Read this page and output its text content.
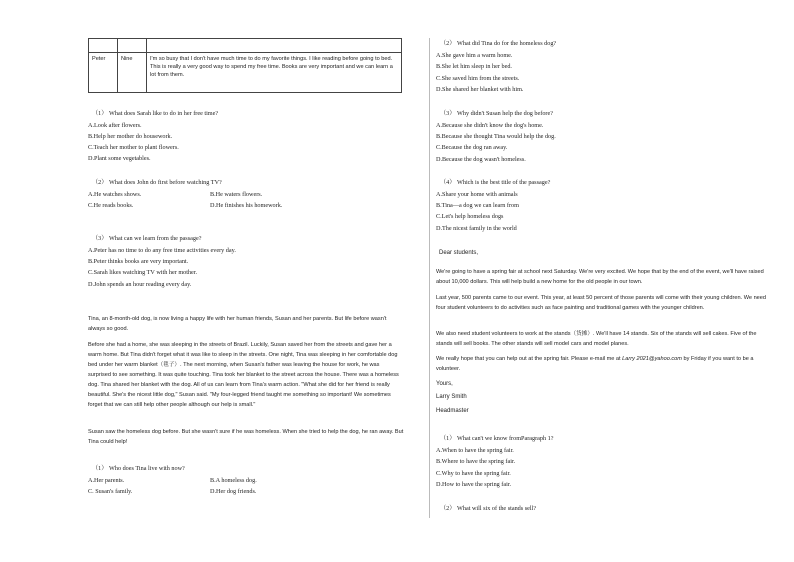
Peter	Nine	I'm so busy that I don't have much time to do my favorite things. I like reading before going to bed. This is really a very good way to spend my free time. Books are very important and we can learn a lot from them.
（1） What does Sarah like to do in her free time?
A.Look after flowers.
B.Help her mother do housework.
C.Teach her mother to plant flowers.
D.Plant some vegetables.
（2） What does John do first before watching TV?
A.He watches shows.	B.He waters flowers.
C.He reads books.	D.He finishes his homework.
（3） What can we learn from the passage?
A.Peter has no time to do any free time activities every day.
B.Peter thinks books are very important.
C.Sarah likes watching TV with her mother.
D.John spends an hour reading every day.
Tina, an 8-month-old dog, is now living a happy life with her human friends, Susan and her parents. But life before wasn't always so good.
Before she had a home, she was sleeping in the streets of Brazil. Luckily, Susan saved her from the streets and gave her a warm home. But Tina didn't forget what it was like to sleep in the streets. One night, Tina was sleeping in her comfortable dog bed under her warm blanket（毯子）. The next morning, when Susan's father was leaving the house for work, he was surprised to see something. It was quite touching. Tina took her blanket to the street across the house. There was a homeless dog. Tina shared her blanket with the dog. All of us can learn from Tina's warm action. "What she did for her friend is really beautiful. She's the nicest little dog," Susan said. "My four-legged friend taught me something so important! We sometimes forget that we can still help other people although our help is small."
Susan saw the homeless dog before. But she wasn't sure if he was homeless. When she tried to help the dog, he ran away. But Tina could help!
（1） Who does Tina live with now?
A.Her parents.	B.A homeless dog.
C. Susan's family.	D.Her dog friends.
（2） What did Tina do for the homeless dog?
A.She gave him a warm home.
B.She let him sleep in her bed.
C.She saved him from the streets.
D.She shared her blanket with him.
（3） Why didn't Susan help the dog before?
A.Because she didn't know the dog's home.
B.Because she thought Tina would help the dog.
C.Because the dog ran away.
D.Because the dog wasn't homeless.
（4） Which is the best title of the passage?
A.Share your home with animals
B.Tina—a dog we can learn from
C.Let's help homeless dogs
D.The nicest family in the world
Dear students,
We're going to have a spring fair at school next Saturday. We're very excited. We hope that by the end of the event, we'll have raised about 10,000 dollars. This will help build a new home for the old people in our town.
Last year, 500 parents came to our event. This year, at least 50 percent of those parents will come with their young children. We need four student volunteers to do activities such as face painting and traditional games with the younger children.
We also need student volunteers to work at the stands（货摊）. We'll have 14 stands. Six of the stands will sell cakes. Five of the stands will sell books. The other stands will sell model cars and model planes.
We really hope that you can help out at the spring fair. Please e-mail me at Larry 2021@yahoo.com by Friday if you want to be a volunteer.
Yours,
Larry Smith
Headmaster
（1） What can't we know fromParagraph 1?
A.When to have the spring fair.
B.Where to have the spring fair.
C.Why to have the spring fair.
D.How to have the spring fair.
（2） What will six of the stands sell?
